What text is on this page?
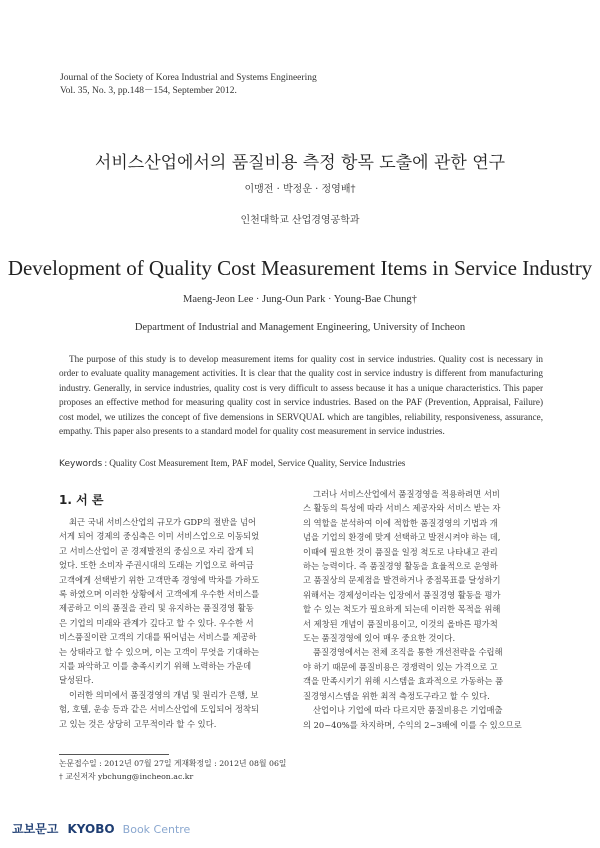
Journal of the Society of Korea Industrial and Systems Engineering
Vol. 35, No. 3, pp.148－154, September 2012.
서비스산업에서의 품질비용 측정 항목 도출에 관한 연구
이맹전 · 박정운 · 정영배†
인천대학교 산업경영공학과
Development of Quality Cost Measurement Items in Service Industry
Maeng-Jeon Lee · Jung-Oun Park · Young-Bae Chung†
Department of Industrial and Management Engineering, University of Incheon

The purpose of this study is to develop measurement items for quality cost in service industries. Quality cost is necessary in order to evaluate quality management activities. It is clear that the quality cost in service industry is different from manufacturing industry. Generally, in service industries, quality cost is very difficult to assess because it has a unique characteristics. This paper proposes an effective method for measuring quality cost in service industries. Based on the PAF (Prevention, Appraisal, Failure) cost model, we utilizes the concept of five demensions in SERVQUAL which are tangibles, reliability, responsiveness, assurance, empathy. This paper also presents to a standard model for quality cost measurement in service industries.

Keywords : Quality Cost Measurement Item, PAF model, Service Quality, Service Industries
1. 서 론

최근 국내 서비스산업의 규모가 GDP의 절반을 넘어

서게 되어 경제의 중심축은 이미 서비스업으로 이동되었

고 서비스산업이 곧 경제발전의 중심으로 자리 잡게 되

었다. 또한 소비자 주권시대의 도래는 기업으로 하여금

고객에게 선택받기 위한 고객만족 경영에 박차를 가하도

록 하였으며 이러한 상황에서 고객에게 우수한 서비스를

제공하고 이의 품질을 관리 및 유지하는 품질경영 활동

은 기업의 미래와 관계가 깊다고 할 수 있다. 우수한 서

비스품질이란 고객의 기대를 뛰어넘는 서비스를 제공하

는 상태라고 할 수 있으며, 이는 고객이 무엇을 기대하는

지를 파악하고 이를 충족시키기 위해 노력하는 가운데

달성된다.

이러한 의미에서 품질경영의 개념 및 원리가 은행, 보

험, 호텔, 운송 등과 같은 서비스산업에 도입되어 정착되

고 있는 것은 상당히 고무적이라 할 수 있다.

그러나 서비스산업에서 품질경영을 적용하려면 서비

스 활동의 특성에 따라 서비스 제공자와 서비스 받는 자

의 역할을 분석하여 이에 적합한 품질경영의 기법과 개

념을 기업의 환경에 맞게 선택하고 발전시켜야 하는 데,

이때에 필요한 것이 품질을 일정 척도로 나타내고 관리

하는 능력이다. 즉 품질경영 활동을 효율적으로 운영하

고 품질상의 문제점을 발견하거나 중점목표를 달성하기

위해서는 경제성이라는 입장에서 품질경영 활동을 평가

할 수 있는 척도가 필요하게 되는데 이러한 목적을 위해

서 제창된 개념이 품질비용이고, 이것의 올바른 평가척

도는 품질경영에 있어 매우 중요한 것이다.

품질경영에서는 전체 조직을 통한 개선전략을 수립해

야 하기 때문에 품질비용은 경쟁력이 있는 가격으로 고

객을 만족시키기 위해 시스템을 효과적으로 가동하는 품

질경영시스템을 위한 최적 측정도구라고 할 수 있다.

산업이나 기업에 따라 다르지만 품질비용은 기업매출

의 20~40%를 차지하며, 수익의 2~3배에 이를 수 있으므로

논문접수일 : 2012년 07월 27일 게재확정일 : 2012년 08월 06일
† 교신저자 ybchung@incheon.ac.kr
교보문고 KYOBO Book Centre
